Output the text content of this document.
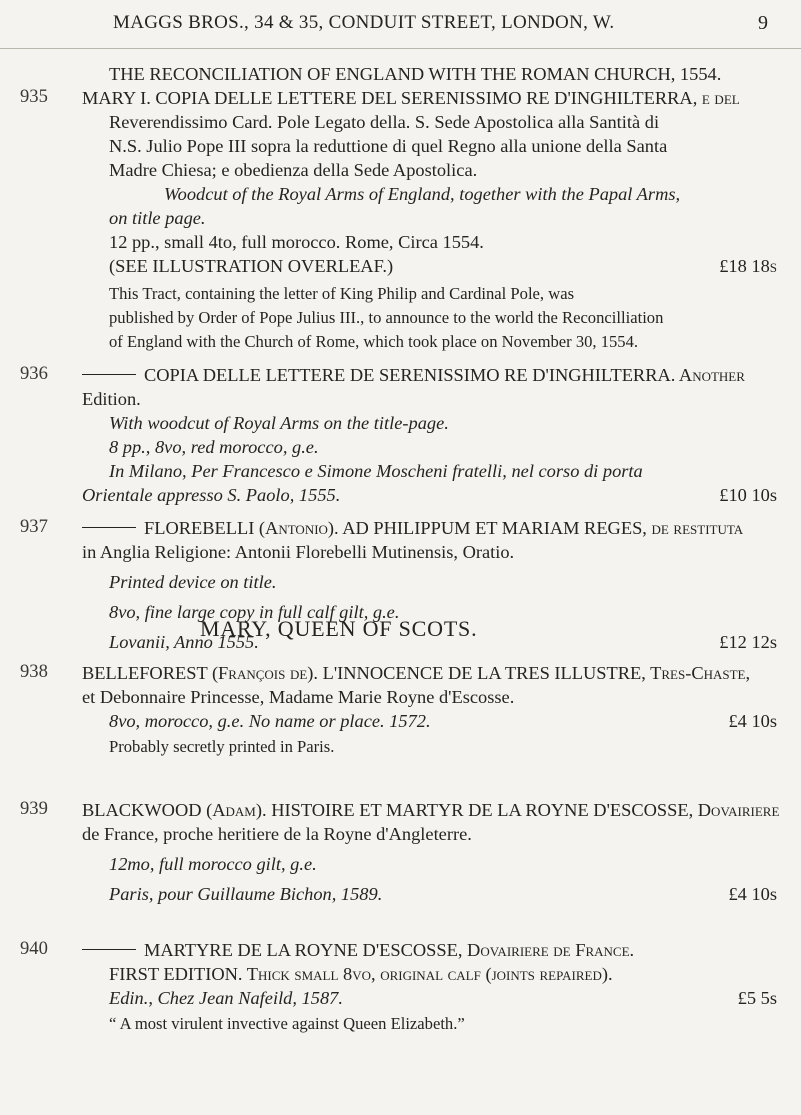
MAGGS BROS., 34 & 35, CONDUIT STREET, LONDON, W.	9
935
THE RECONCILIATION OF ENGLAND WITH THE ROMAN CHURCH, 1554.
MARY I. COPIA DELLE LETTERE DEL SERENISSIMO RE D'INGHILTERRA, e del
Reverendissimo Card. Pole Legato della. S. Sede Apostolica alla Santità di
N.S. Julio Pope III sopra la reduttione di quel Regno alla unione della Santa
Madre Chiesa; e obedienza della Sede Apostolica.
Woodcut of the Royal Arms of England, together with the Papal Arms,
on title page.
12 pp., small 4to, full morocco. Rome, Circa 1554.
(SEE ILLUSTRATION OVERLEAF.)	£18 18s
This Tract, containing the letter of King Philip and Cardinal Pole, was
published by Order of Pope Julius III., to announce to the world the Reconcilliation
of England with the Church of Rome, which took place on November 30, 1554.
936	COPIA DELLE LETTERE DE SERENISSIMO RE D'INGHILTERRA. Another
Edition.
With woodcut of Royal Arms on the title-page.
8 pp., 8vo, red morocco, g.e.
In Milano, Per Francesco e Simone Moscheni fratelli, nel corso di porta
Orientale appresso S. Paolo, 1555.	£10 10s
937	FLOREBELLI (Antonio). AD PHILIPPUM ET MARIAM REGES, de restituta
in Anglia Religione: Antonii Florebelli Mutinensis, Oratio.
Printed device on title.
8vo, fine large copy in full calf gilt, g.e.
Lovanii, Anno 1555.	£12 12s
MARY, QUEEN OF SCOTS.
938 BELLEFOREST (François de). L'INNOCENCE DE LA TRES ILLUSTRE, Tres-Chaste,
et Debonnaire Princesse, Madame Marie Royne d'Escosse.
8vo, morocco, g.e. No name or place. 1572.	£4 10s
Probably secretly printed in Paris.
939 BLACKWOOD (Adam). HISTOIRE ET MARTYR DE LA ROYNE D'ESCOSSE, Dovairiere
de France, proche heritiere de la Royne d'Angleterre.
12mo, full morocco gilt, g.e.
Paris, pour Guillaume Bichon, 1589.	£4 10s
940	MARTYRE DE LA ROYNE D'ESCOSSE, Dovairiere de France.
FIRST EDITION. Thick small 8vo, original calf (joints repaired).
Edin., Chez Jean Nafeild, 1587.	£5 5s
“ A most virulent invective against Queen Elizabeth.”
